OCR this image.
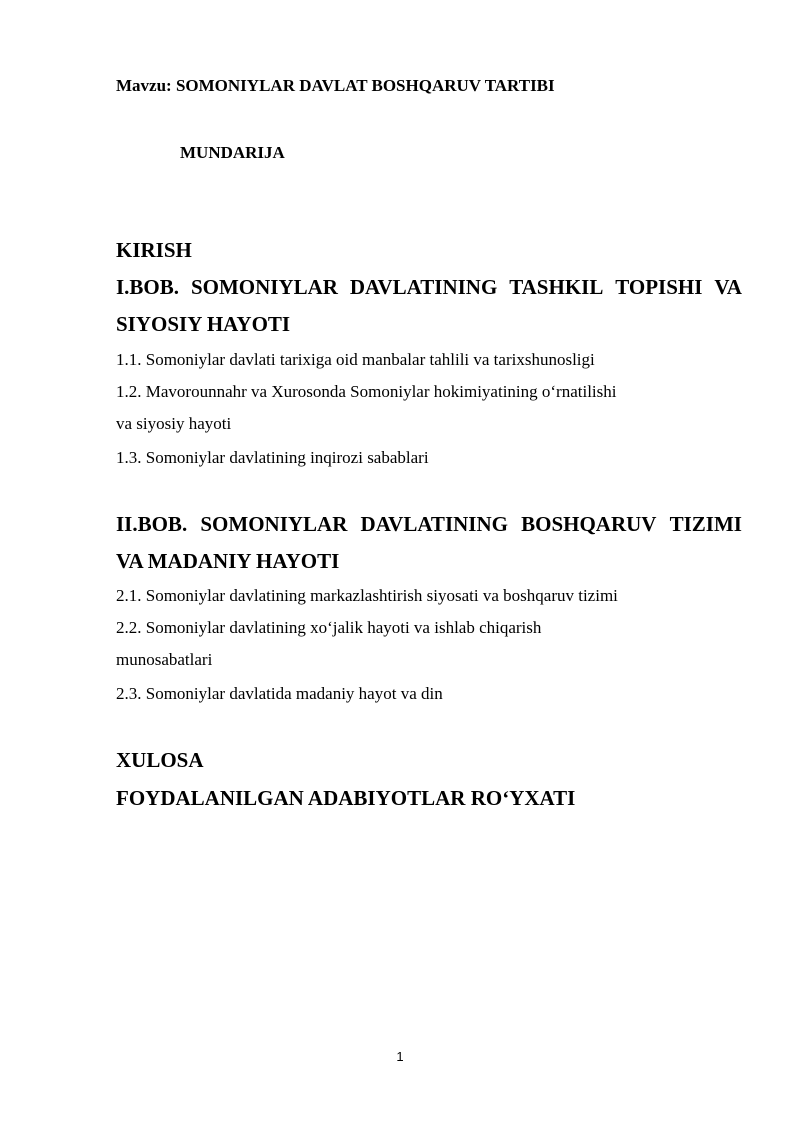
Mavzu: SOMONIYLAR DAVLAT BOSHQARUV TARTIBI
MUNDARIJA
KIRISH
I.BOB. SOMONIYLAR DAVLATINING TASHKIL TOPISHI VA
SIYOSIY HAYOTI
1.1. Somoniylar davlati tarixiga oid manbalar tahlili va tarixshunosligi
1.2. Mavorounnahr va Xurosonda Somoniylar hokimiyatining o‘rnatilishi
va siyosiy hayoti
1.3. Somoniylar davlatining inqirozi sabablari
II.BOB. SOMONIYLAR DAVLATINING BOSHQARUV TIZIMI
VA MADANIY HAYOTI
2.1. Somoniylar davlatining markazlashtirish siyosati va boshqaruv tizimi
2.2. Somoniylar davlatining xo‘jalik hayoti va ishlab chiqarish
munosabatlari
2.3. Somoniylar davlatida madaniy hayot va din
XULOSA
FOYDALANILGAN ADABIYOTLAR RO‘YXATI
1
